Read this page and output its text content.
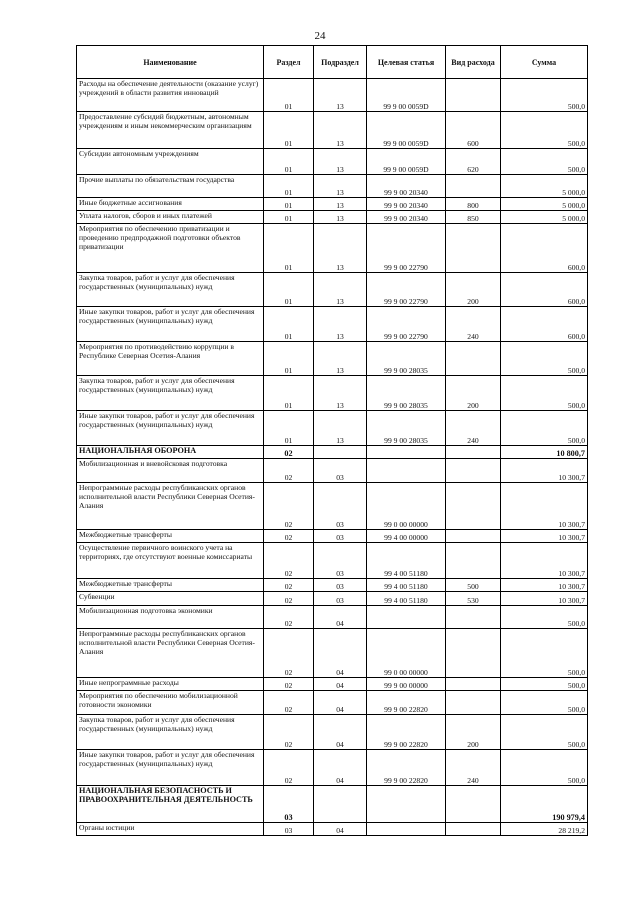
24
Наименование	Раздел	Подраздел	Целевая статья	Вид расхода	Сумма
Расходы на обеспечение деятельности (оказание услуг) учреждений в области развития инноваций	01	13	99 9 00 0059D		500,0
Предоставление субсидий бюджетным, автономным учреждениям и иным некоммерческим организациям	01	13	99 9 00 0059D	600	500,0
Субсидии автономным учреждениям	01	13	99 9 00 0059D	620	500,0
Прочие выплаты по обязательствам государства	01	13	99 9 00 20340		5 000,0
Иные бюджетные ассигнования	01	13	99 9 00 20340	800	5 000,0
Уплата налогов, сборов и иных платежей	01	13	99 9 00 20340	850	5 000,0
Мероприятия по обеспечению приватизации и проведению предпродажной подготовки объектов приватизации	01	13	99 9 00 22790		600,0
Закупка товаров, работ и услуг для обеспечения государственных (муниципальных) нужд	01	13	99 9 00 22790	200	600,0
Иные закупки товаров, работ и услуг для обеспечения государственных (муниципальных) нужд	01	13	99 9 00 22790	240	600,0
Мероприятия по противодействию коррупции в Республике Северная Осетия-Алания	01	13	99 9 00 28035		500,0
Закупка товаров, работ и услуг для обеспечения государственных (муниципальных) нужд	01	13	99 9 00 28035	200	500,0
Иные закупки товаров, работ и услуг для обеспечения государственных (муниципальных) нужд	01	13	99 9 00 28035	240	500,0
НАЦИОНАЛЬНАЯ ОБОРОНА	02				10 800,7
Мобилизационная и вневойсковая подготовка	02	03			10 300,7
Непрограммные расходы республиканских органов исполнительной власти Республики Северная Осетия-Алания	02	03	99 0 00 00000		10 300,7
Межбюджетные трансферты	02	03	99 4 00 00000		10 300,7
Осуществление первичного воинского учета на территориях, где отсутствуют военные комиссариаты	02	03	99 4 00 51180		10 300,7
Межбюджетные трансферты	02	03	99 4 00 51180	500	10 300,7
Субвенции	02	03	99 4 00 51180	530	10 300,7
Мобилизационная подготовка экономики	02	04			500,0
Непрограммные расходы республиканских органов исполнительной власти Республики Северная Осетия-Алания	02	04	99 0 00 00000		500,0
Иные непрограммные расходы	02	04	99 9 00 00000		500,0
Мероприятия по обеспечению мобилизационной готовности экономики	02	04	99 9 00 22820		500,0
Закупка товаров, работ и услуг для обеспечения государственных (муниципальных) нужд	02	04	99 9 00 22820	200	500,0
Иные закупки товаров, работ и услуг для обеспечения государственных (муниципальных) нужд	02	04	99 9 00 22820	240	500,0
НАЦИОНАЛЬНАЯ БЕЗОПАСНОСТЬ И ПРАВООХРАНИТЕЛЬНАЯ ДЕЯТЕЛЬНОСТЬ	03				190 979,4
Органы юстиции	03	04			28 219,2
